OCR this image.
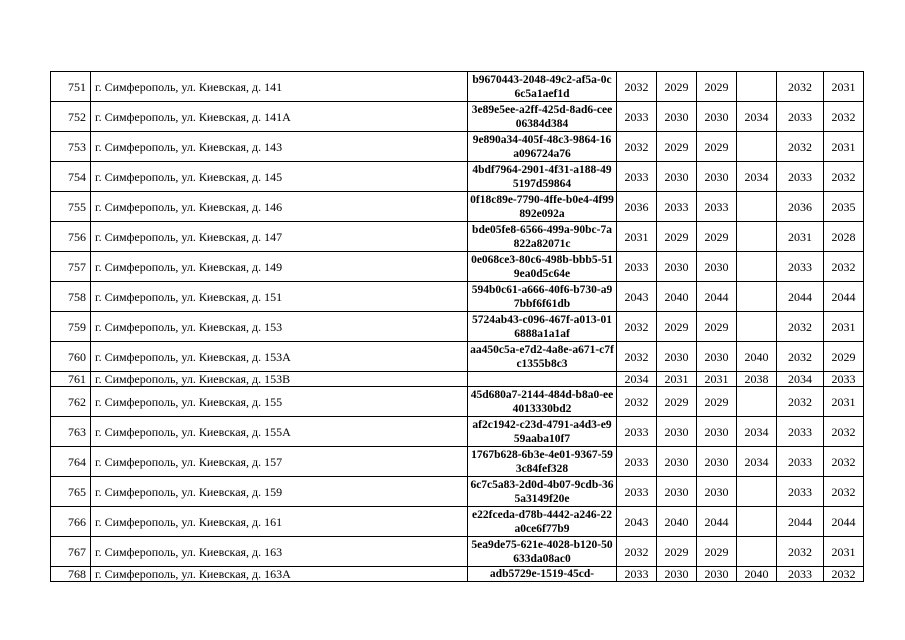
751	г. Симферополь, ул. Киевская, д. 141	b9670443-2048-49c2-af5a-0c6c5a1aef1d	2032	2029	2029		2032	2031
752	г. Симферополь, ул. Киевская, д. 141А	3e89e5ee-a2ff-425d-8ad6-cee06384d384	2033	2030	2030	2034	2033	2032
753	г. Симферополь, ул. Киевская, д. 143	9e890a34-405f-48c3-9864-16a096724a76	2032	2029	2029		2032	2031
754	г. Симферополь, ул. Киевская, д. 145	4bdf7964-2901-4f31-a188-495197d59864	2033	2030	2030	2034	2033	2032
755	г. Симферополь, ул. Киевская, д. 146	0f18c89e-7790-4ffe-b0e4-4f99892e092a	2036	2033	2033		2036	2035
756	г. Симферополь, ул. Киевская, д. 147	bde05fe8-6566-499a-90bc-7a822a82071c	2031	2029	2029		2031	2028
757	г. Симферополь, ул. Киевская, д. 149	0e068ce3-80c6-498b-bbb5-519ea0d5c64e	2033	2030	2030		2033	2032
758	г. Симферополь, ул. Киевская, д. 151	594b0c61-a666-40f6-b730-a97bbf6f61db	2043	2040	2044		2044	2044
759	г. Симферополь, ул. Киевская, д. 153	5724ab43-c096-467f-a013-016888a1a1af	2032	2029	2029		2032	2031
760	г. Симферополь, ул. Киевская, д. 153А	aa450c5a-e7d2-4a8e-a671-c7fc1355b8c3	2032	2030	2030	2040	2032	2029
761	г. Симферополь, ул. Киевская, д. 153В		2034	2031	2031	2038	2034	2033
762	г. Симферополь, ул. Киевская, д. 155	45d680a7-2144-484d-b8a0-ee4013330bd2	2032	2029	2029		2032	2031
763	г. Симферополь, ул. Киевская, д. 155А	af2c1942-c23d-4791-a4d3-e959aaba10f7	2033	2030	2030	2034	2033	2032
764	г. Симферополь, ул. Киевская, д. 157	1767b628-6b3e-4e01-9367-593c84fef328	2033	2030	2030	2034	2033	2032
765	г. Симферополь, ул. Киевская, д. 159	6c7c5a83-2d0d-4b07-9cdb-365a3149f20e	2033	2030	2030		2033	2032
766	г. Симферополь, ул. Киевская, д. 161	e22fceda-d78b-4442-a246-22a0ce6f77b9	2043	2040	2044		2044	2044
767	г. Симферополь, ул. Киевская, д. 163	5ea9de75-621e-4028-b120-50633da08ac0	2032	2029	2029		2032	2031
768	г. Симферополь, ул. Киевская, д. 163А	adb5729e-1519-45cd-	2033	2030	2030	2040	2033	2032
